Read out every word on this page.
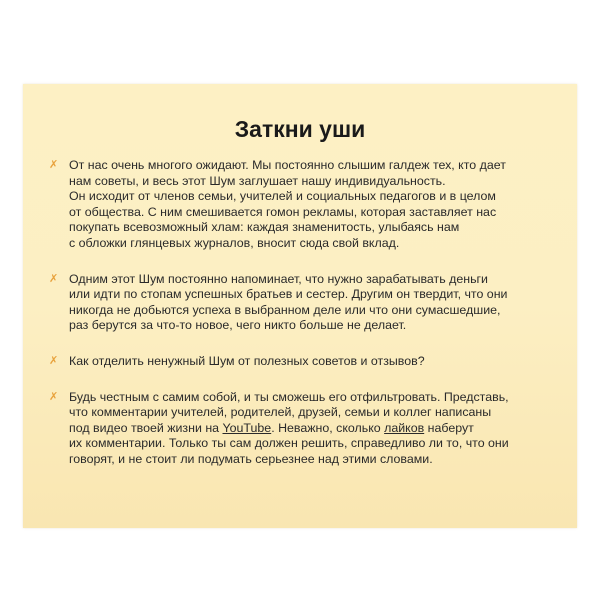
Заткни уши
✗ От нас очень многого ожидают. Мы постоянно слышим галдеж тех, кто дает
нам советы, и весь этот Шум заглушает нашу индивидуальность.
Он исходит от членов семьи, учителей и социальных педагогов и в целом
от общества. С ним смешивается гомон рекламы, которая заставляет нас
покупать всевозможный хлам: каждая знаменитость, улыбаясь нам
с обложки глянцевых журналов, вносит сюда свой вклад.
✗ Одним этот Шум постоянно напоминает, что нужно зарабатывать деньги
или идти по стопам успешных братьев и сестер. Другим он твердит, что они
никогда не добьются успеха в выбранном деле или что они сумасшедшие,
раз берутся за что-то новое, чего никто больше не делает.
✗ Как отделить ненужный Шум от полезных советов и отзывов?
✗ Будь честным с самим собой, и ты сможешь его отфильтровать. Представь,
что комментарии учителей, родителей, друзей, семьи и коллег написаны
под видео твоей жизни на YouTube. Неважно, сколько лайков наберут
их комментарии. Только ты сам должен решить, справедливо ли то, что они
говорят, и не стоит ли подумать серьезнее над этими словами.
